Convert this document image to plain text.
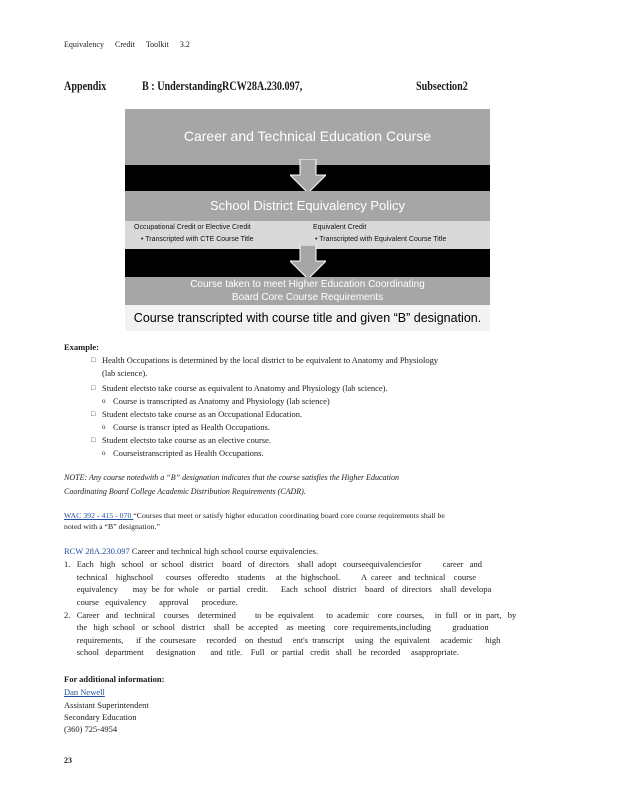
Equivalency Credit Toolkit 3.2
Appendix	B : UnderstandingRCW28A.230.097,	Subsection2
Career and Technical Education Course
School District Equivalency Policy
Occupational Credit or Elective Credit
• Transcripted with CTE Course Title
Equivalent Credit
• Transcripted with Equivalent Course Title
Course taken to meet Higher Education Coordinating
Board Core Course Requirements
Course transcripted with course title and given “B” designation.
Example:
□ Health Occupations is determined by the local district to be equivalent to Anatomy and Physiology
(lab science).
□ Student electsto take course as equivalent to Anatomy and Physiology (lab science).
o Course is transcripted as Anatomy and Physiology (lab science)
□ Student electsto take course as an Occupational Education.
o Course is transcr ipted as Health Occupations.
□ Student electsto take course as an elective course.
o Courseistranscripted as Health Occupations.
NOTE: Any course notedwith a “B” designation indicates that the course satisfies the Higher Education
Coordinating Board College Academic Distribution Requirements (CADR).
WAC 392 - 415 - 070 “Courses that meet or satisfy higher education coordinating board core course requirements shall be
noted with a “B” designation.”
RCW 28A.230.097 Career and technical high school course equivalencies.
1.   Each   high   school   or  school   district    board   of  directors    shall  adopt   courseequivalenciesfor          career   and
technical    highschool      courses   offeredto    students     at  the  highschool.          A  career   and  technical    course
equivalency       may  be  for  whole    or  partial   credit.      Each   school   district    board   of  directors    shall  developa
course   equivalency      approval      procedure.
2.   Career   and   technical    courses    determined         to  be  equivalent      to  academic    core  courses,     in  full   or  in  part,   by
the   high  school   or  school   district    shall   be  accepted    as  meeting    core  requirements,including          graduation
requirements,      if  the  coursesare     recorded    on  thestud     ent's  transcript     using   the  equivalent     academic      high
school   department      designation       and  title.    Full   or  partial   credit   shall   be  recorded     asappropriate.
For additional information:
Dan Newell
Assistant Superintendent
Secondary Education
(360) 725-4954
23
